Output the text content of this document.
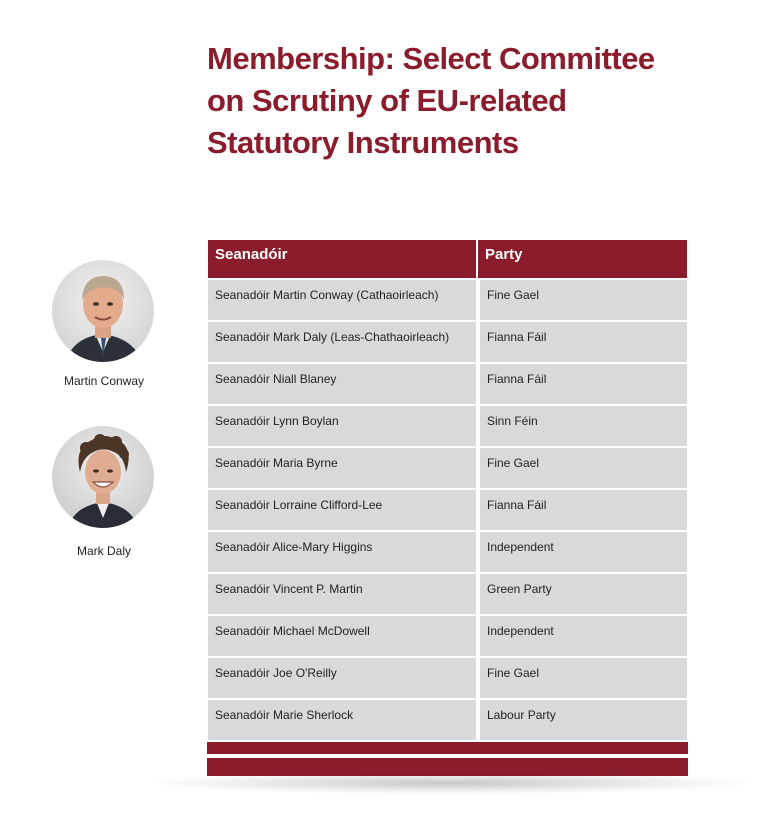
Membership: Select Committee on Scrutiny of EU-related Statutory Instruments
Martin Conway
Mark Daly
Seanadóir	Party
Seanadóir Martin Conway (Cathaoirleach)	Fine Gael
Seanadóir Mark Daly (Leas-Chathaoirleach)	Fianna Fáil
Seanadóir Niall Blaney	Fianna Fáil
Seanadóir Lynn Boylan	Sinn Féin
Seanadóir Maria Byrne	Fine Gael
Seanadóir Lorraine Clifford-Lee	Fianna Fáil
Seanadóir Alice-Mary Higgins	Independent
Seanadóir Vincent P. Martin	Green Party
Seanadóir Michael McDowell	Independent
Seanadóir Joe O'Reilly	Fine Gael
Seanadóir Marie Sherlock	Labour Party
